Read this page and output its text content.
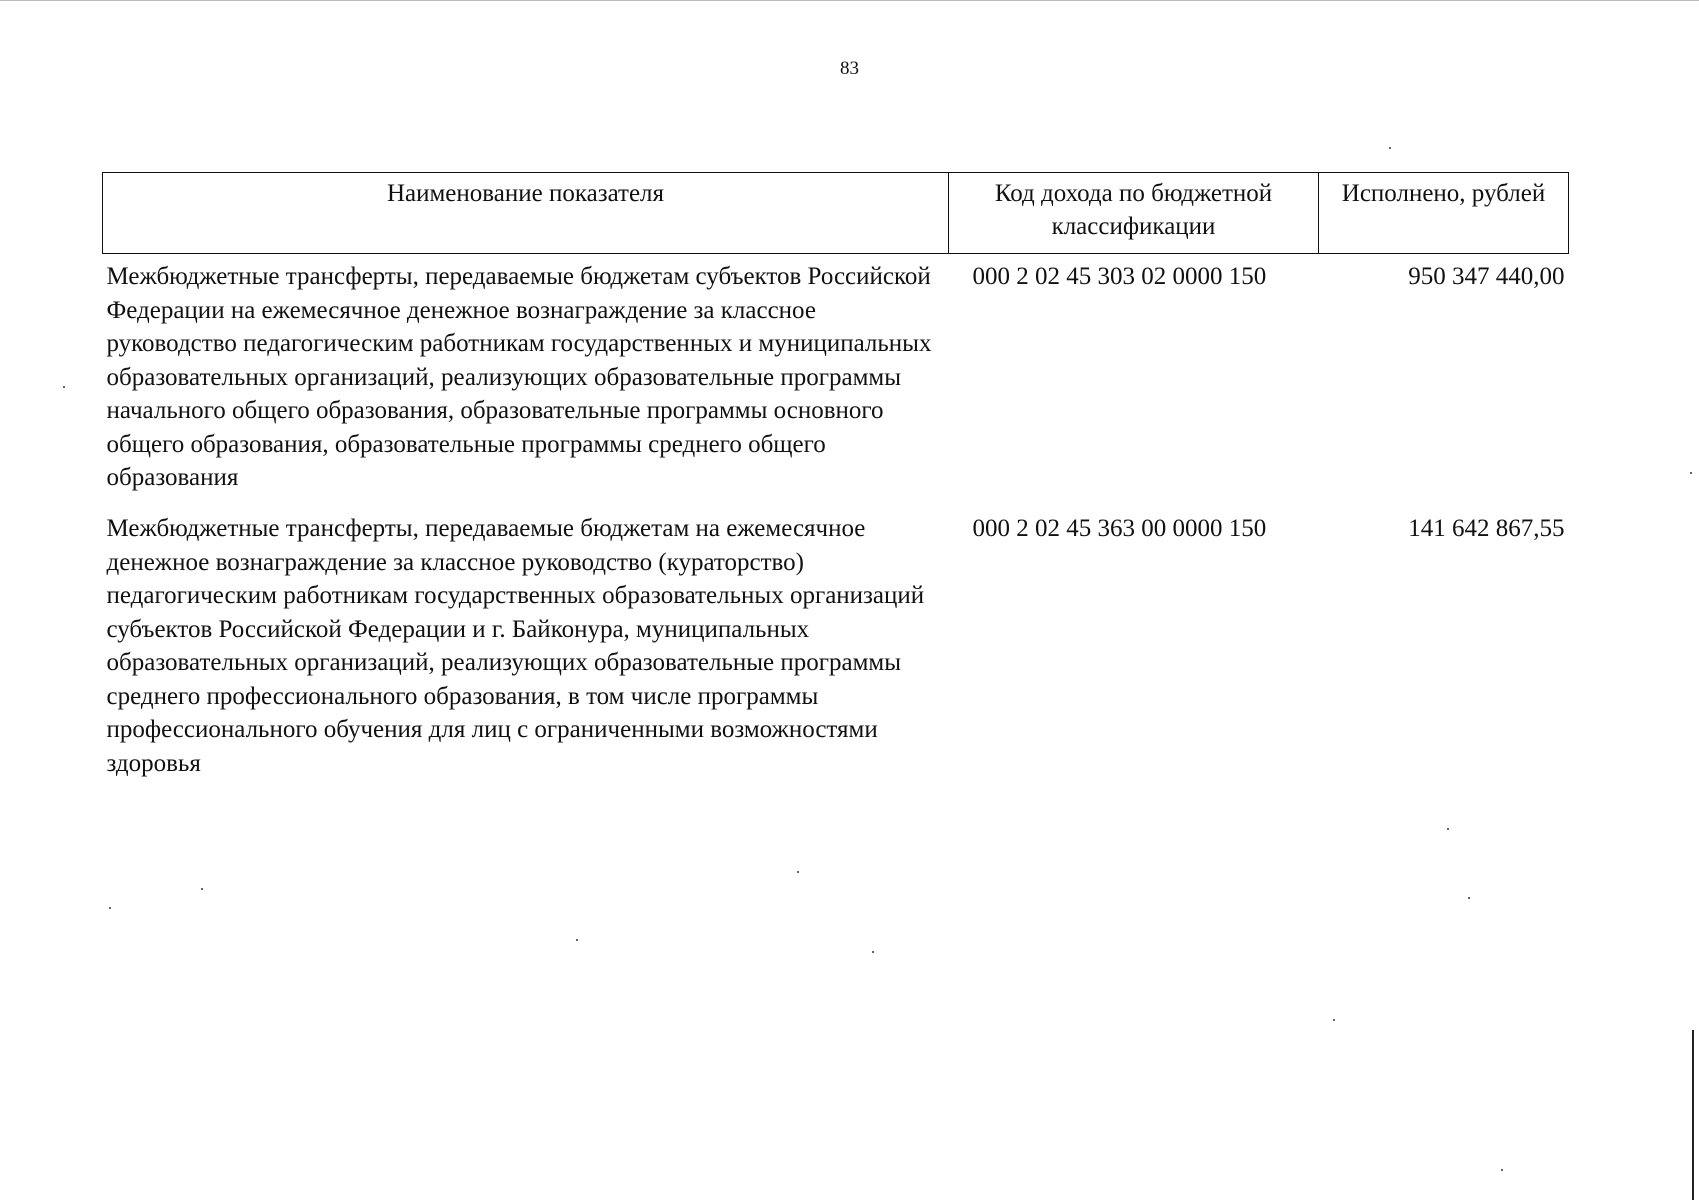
83
Наименование показателя	Код дохода по бюджетной классификации	Исполнено, рублей
Межбюджетные трансферты, передаваемые бюджетам субъектов Российской Федерации на ежемесячное денежное вознаграждение за классное руководство педагогическим работникам государственных и муниципальных образовательных организаций, реализующих образовательные программы начального общего образования, образовательные программы основного общего образования, образовательные программы среднего общего образования	000 2 02 45 303 02 0000 150	950 347 440,00
Межбюджетные трансферты, передаваемые бюджетам на ежемесячное денежное вознаграждение за классное руководство (кураторство) педагогическим работникам государственных образовательных организаций субъектов Российской Федерации и г. Байконура, муниципальных образовательных организаций, реализующих образовательные программы среднего профессионального образования, в том числе программы профессионального обучения для лиц с ограниченными возможностями здоровья	000 2 02 45 363 00 0000 150	141 642 867,55
